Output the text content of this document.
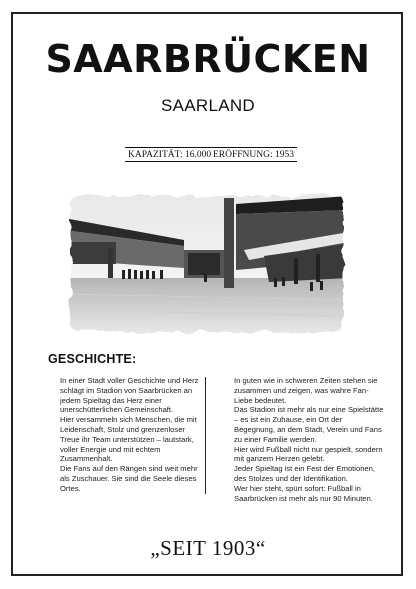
SAARBRÜCKEN
SAARLAND
KAPAZITÄT: 16.000 ERÖFFNUNG: 1953
GESCHICHTE:

In einer Stadt voller Geschichte und Herz schlägt im Stadion von Saarbrücken an jedem Spieltag das Herz einer unerschütterlichen Gemeinschaft.

Hier versammeln sich Menschen, die mit Leidenschaft, Stolz und grenzenloser Treue ihr Team unterstützen – lautstark, voller Energie und mit echtem Zusammenhalt.

Die Fans auf den Rängen sind weit mehr als Zuschauer. Sie sind die Seele dieses Ortes.

In guten wie in schweren Zeiten stehen sie zusammen und zeigen, was wahre Fan-Liebe bedeutet.

Das Stadion ist mehr als nur eine Spielstätte – es ist ein Zuhause, ein Ort der Begegnung, an dem Stadt, Verein und Fans zu einer Familie werden.

Hier wird Fußball nicht nur gespielt, sondern mit ganzem Herzen gelebt.

Jeder Spieltag ist ein Fest der Emotionen, des Stolzes und der Identifikation.

Wer hier steht, spürt sofort: Fußball in Saarbrücken ist mehr als nur 90 Minuten.

„SEIT 1903“
